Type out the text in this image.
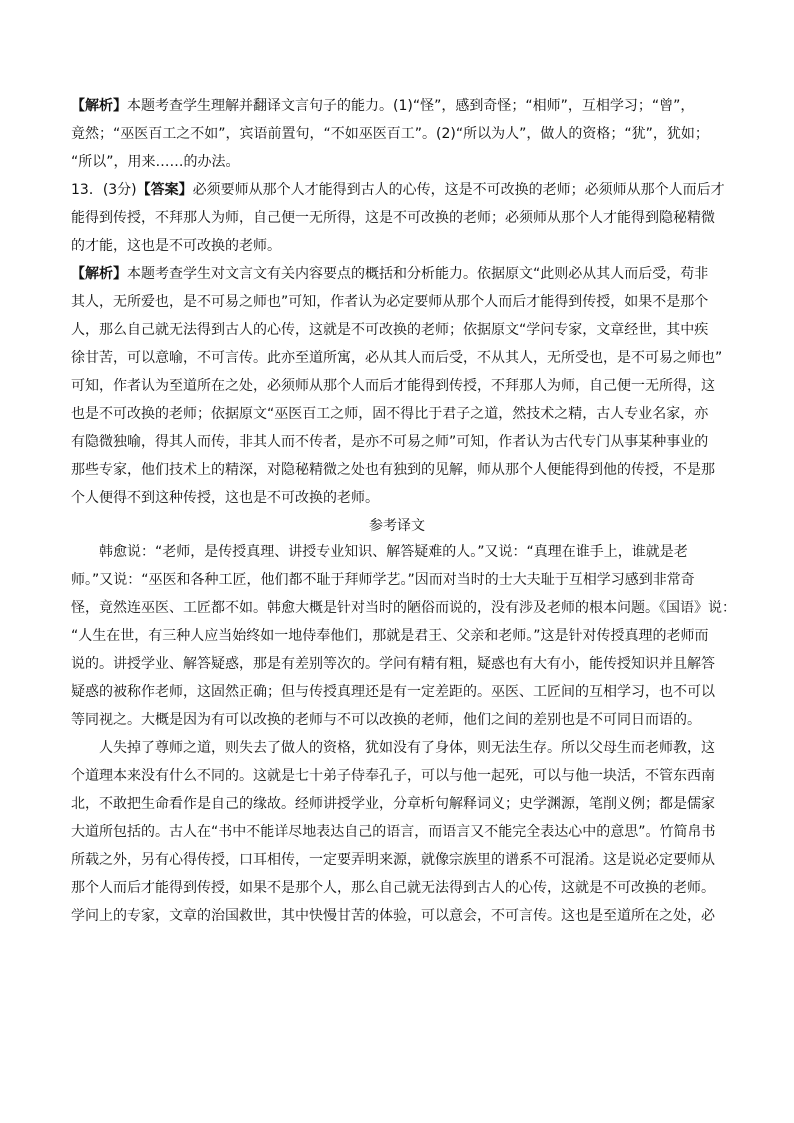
【解析】本题考查学生理解并翻译文言句子的能力。(1)“怪”，感到奇怪；“相师”，互相学习；“曾”，
竟然；“巫医百工之不如”，宾语前置句，“不如巫医百工”。(2)“所以为人”，做人的资格；“犹”，犹如；
“所以”，用来……的办法。
13．(3分)【答案】必须要师从那个人才能得到古人的心传，这是不可改换的老师；必须师从那个人而后才
能得到传授，不拜那人为师，自己便一无所得，这是不可改换的老师；必须师从那个人才能得到隐秘精微
的才能，这也是不可改换的老师。
【解析】本题考查学生对文言文有关内容要点的概括和分析能力。依据原文“此则必从其人而后受，苟非
其人，无所爱也，是不可易之师也”可知，作者认为必定要师从那个人而后才能得到传授，如果不是那个
人，那么自己就无法得到古人的心传，这就是不可改换的老师；依据原文“学问专家，文章经世，其中疾
徐甘苦，可以意喻，不可言传。此亦至道所寓，必从其人而后受，不从其人，无所受也，是不可易之师也”
可知，作者认为至道所在之处，必须师从那个人而后才能得到传授，不拜那人为师，自己便一无所得，这
也是不可改换的老师；依据原文“巫医百工之师，固不得比于君子之道，然技术之精，古人专业名家，亦
有隐微独喻，得其人而传，非其人而不传者，是亦不可易之师”可知，作者认为古代专门从事某种事业的
那些专家，他们技术上的精深，对隐秘精微之处也有独到的见解，师从那个人便能得到他的传授，不是那
个人便得不到这种传授，这也是不可改换的老师。
参考译文
韩愈说：“老师，是传授真理、讲授专业知识、解答疑难的人。”又说：“真理在谁手上，谁就是老
师。”又说：“巫医和各种工匠，他们都不耻于拜师学艺。”因而对当时的士大夫耻于互相学习感到非常奇
怪，竟然连巫医、工匠都不如。韩愈大概是针对当时的陋俗而说的，没有涉及老师的根本问题。《国语》说：
“人生在世，有三种人应当始终如一地侍奉他们，那就是君王、父亲和老师。”这是针对传授真理的老师而
说的。讲授学业、解答疑惑，那是有差别等次的。学问有精有粗，疑惑也有大有小，能传授知识并且解答
疑惑的被称作老师，这固然正确；但与传授真理还是有一定差距的。巫医、工匠间的互相学习，也不可以
等同视之。大概是因为有可以改换的老师与不可以改换的老师，他们之间的差别也是不可同日而语的。
人失掉了尊师之道，则失去了做人的资格，犹如没有了身体，则无法生存。所以父母生而老师教，这
个道理本来没有什么不同的。这就是七十弟子侍奉孔子，可以与他一起死，可以与他一块活，不管东西南
北，不敢把生命看作是自己的缘故。经师讲授学业，分章析句解释词义；史学渊源，笔削义例；都是儒家
大道所包括的。古人在“书中不能详尽地表达自己的语言，而语言又不能完全表达心中的意思”。竹简帛书
所载之外，另有心得传授，口耳相传，一定要弄明来源，就像宗族里的谱系不可混淆。这是说必定要师从
那个人而后才能得到传授，如果不是那个人，那么自己就无法得到古人的心传，这就是不可改换的老师。
学问上的专家，文章的治国救世，其中快慢甘苦的体验，可以意会，不可言传。这也是至道所在之处，必
